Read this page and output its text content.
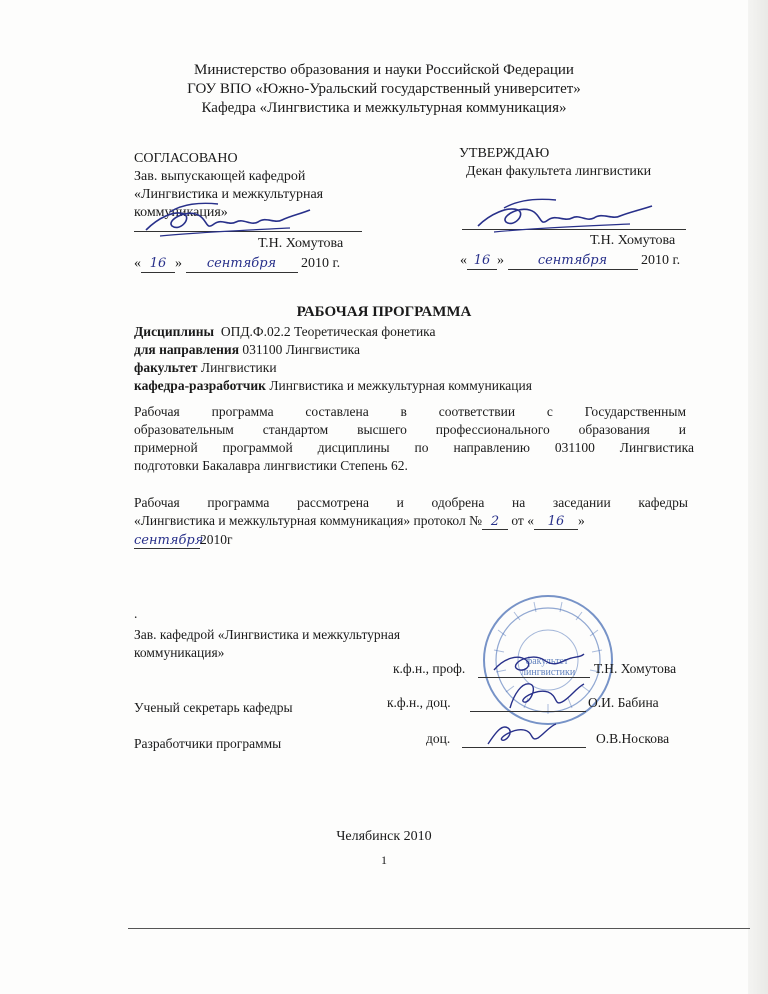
Министерство образования и науки Российской Федерации
ГОУ ВПО «Южно-Уральский государственный университет»
Кафедра «Лингвистика и межкультурная коммуникация»
СОГЛАСОВАНО
Зав. выпускающей кафедрой
«Лингвистика и межкультурная
коммуникация»
Т.Н. Хомутова
« 16 » сентября 2010 г.
УТВЕРЖДАЮ
Декан факультета лингвистики
Т.Н. Хомутова
« 16 »	сентября 2010 г.
РАБОЧАЯ ПРОГРАММА
Дисциплины ОПД.Ф.02.2 Теоретическая фонетика
для направления 031100 Лингвистика
факультет Лингвистики
кафедра-разработчик Лингвистика и межкультурная коммуникация
Рабочая программа составлена в соответствии с Государственным
образовательным стандартом высшего профессионального образования и
примерной программой дисциплины по направлению 031100 Лингвистика
подготовки Бакалавра лингвистики Степень 62.
Рабочая программа рассмотрена и одобрена на заседании кафедры
«Лингвистика и межкультурная коммуникация» протокол № 2 от « 16 »
сентября2010г
факультет лингвистики
.
Зав. кафедрой «Лингвистика и межкультурная
коммуникация»
к.ф.н., проф.	Т.Н. Хомутова
Ученый секретарь кафедры	к.ф.н., доц.	О.И. Бабина
Разработчики программы	доц.	О.В.Носкова
Челябинск 2010
1
